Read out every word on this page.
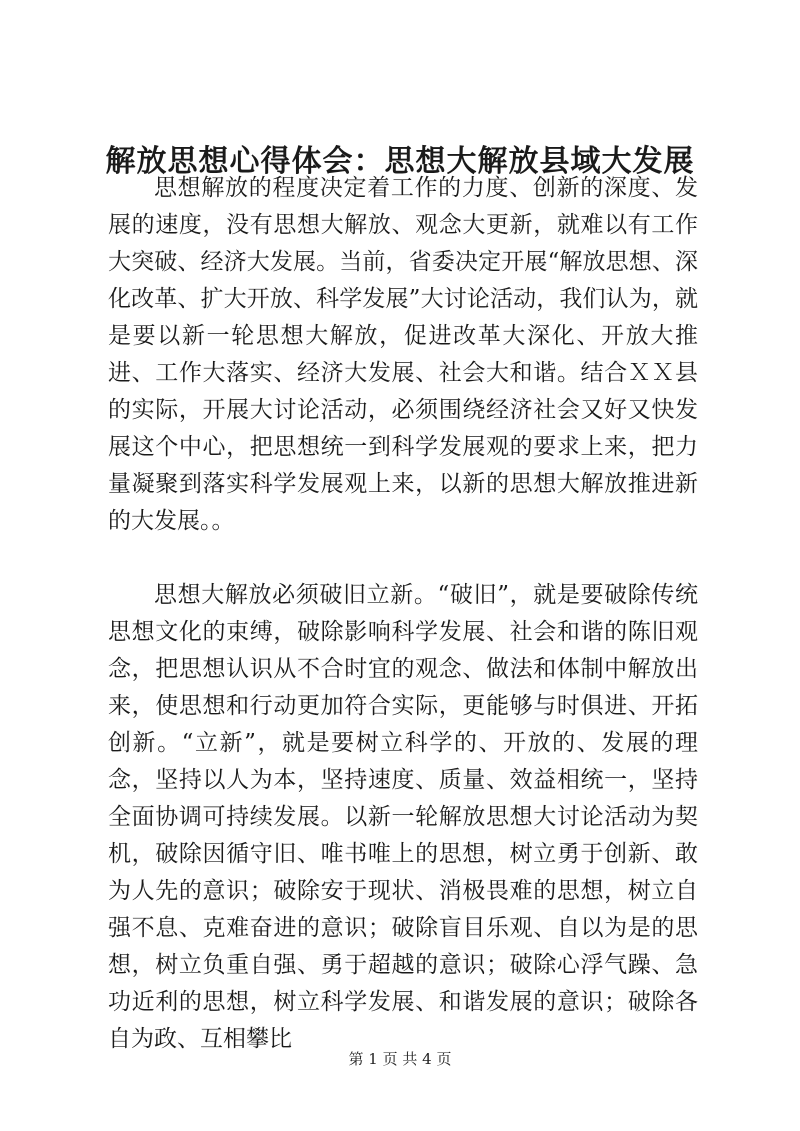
解放思想心得体会：思想大解放县域大发展

思想解放的程度决定着工作的力度、创新的深度、发展的速度，没有思想大解放、观念大更新，就难以有工作大突破、经济大发展。当前，省委决定开展“解放思想、深化改革、扩大开放、科学发展”大讨论活动，我们认为，就是要以新一轮思想大解放，促进改革大深化、开放大推进、工作大落实、经济大发展、社会大和谐。结合ＸＸ县的实际，开展大讨论活动，必须围绕经济社会又好又快发展这个中心，把思想统一到科学发展观的要求上来，把力量凝聚到落实科学发展观上来，以新的思想大解放推进新的大发展。。

思想大解放必须破旧立新。“破旧”，就是要破除传统思想文化的束缚，破除影响科学发展、社会和谐的陈旧观念，把思想认识从不合时宜的观念、做法和体制中解放出来，使思想和行动更加符合实际，更能够与时俱进、开拓创新。“立新”，就是要树立科学的、开放的、发展的理念，坚持以人为本，坚持速度、质量、效益相统一，坚持全面协调可持续发展。以新一轮解放思想大讨论活动为契机，破除因循守旧、唯书唯上的思想，树立勇于创新、敢为人先的意识；破除安于现状、消极畏难的思想，树立自强不息、克难奋进的意识；破除盲目乐观、自以为是的思想，树立负重自强、勇于超越的意识；破除心浮气躁、急功近利的思想，树立科学发展、和谐发展的意识；破除各自为政、互相攀比

第 1 页 共 4 页
